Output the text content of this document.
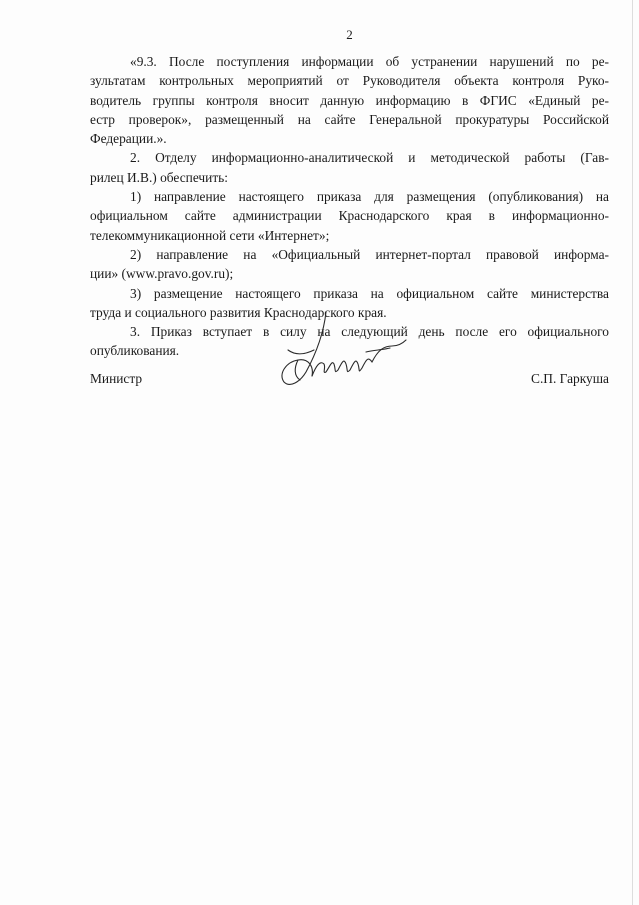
2
«9.3. После поступления информации об устранении нарушений по ре-
зультатам контрольных мероприятий от Руководителя объекта контроля Руко-
водитель группы контроля вносит данную информацию в ФГИС «Единый ре-
естр проверок», размещенный на сайте Генеральной прокуратуры Российской
Федерации.».
2. Отделу информационно-аналитической и методической работы (Гав-
рилец И.В.) обеспечить:
1) направление настоящего приказа для размещения (опубликования) на
официальном сайте администрации Краснодарского края в информационно-
телекоммуникационной сети «Интернет»;
2) направление на «Официальный интернет-портал правовой информа-
ции» (www.pravo.gov.ru);
3) размещение настоящего приказа на официальном сайте министерства
труда и социального развития Краснодарского края.
3. Приказ вступает в силу на следующий день после его официального
опубликования.
Министр	С.П. Гаркуша
